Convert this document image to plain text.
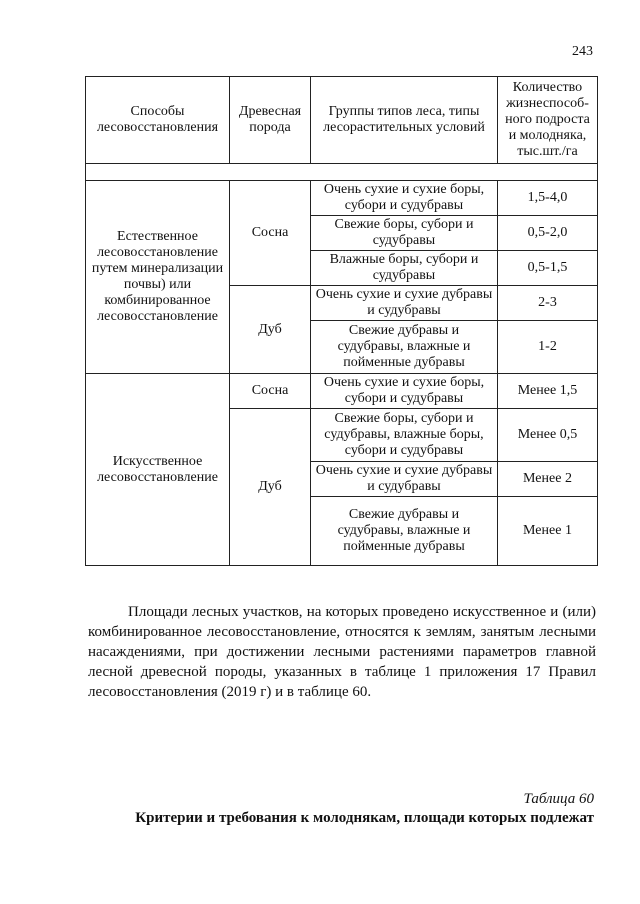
243
Способы лесовосстановления	Древесная порода	Группы типов леса, типы лесорастительных условий	Количество жизнеспособ-ного подроста и молодняка, тыс.шт./га

Естественное лесовосстановление путем минерализации почвы) или комбинированное лесовосстановление	Сосна	Очень сухие и сухие боры, субори и судубравы	1,5-4,0
		Свежие боры, субори и судубравы	0,5-2,0
		Влажные боры, субори и судубравы	0,5-1,5
	Дуб	Очень сухие и сухие дубравы и судубравы	2-3
		Свежие дубравы и судубравы, влажные и пойменные дубравы	1-2
Искусственное лесовосстановление	Сосна	Очень сухие и сухие боры, субори и судубравы	Менее 1,5
	Дуб	Свежие боры, субори и судубравы, влажные боры, субори и судубравы	Менее 0,5
		Очень сухие и сухие дубравы и судубравы	Менее 2
		Свежие дубравы и судубравы, влажные и пойменные дубравы	Менее 1

Площади лесных участков, на которых проведено искусственное и (или) комбинированное лесовосстановление, относятся к землям, занятым лесными насаждениями, при достижении лесными растениями параметров главной лесной древесной породы, указанных в таблице 1 приложения 17 Правил лесовосстановления (2019 г) и в таблице 60.

Таблица 60
Критерии и требования к молоднякам, площади которых подлежат
